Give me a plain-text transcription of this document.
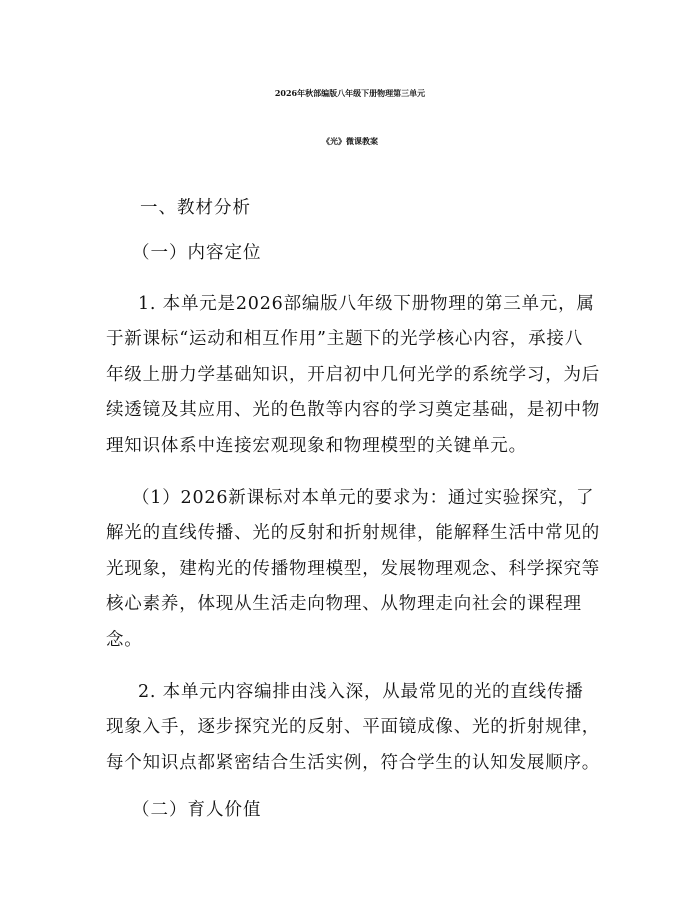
2026年秋部编版八年级下册物理第三单元
《光》微课教案
一、教材分析
（一）内容定位
1. 本单元是2026部编版八年级下册物理的第三单元，属
于新课标“运动和相互作用”主题下的光学核心内容，承接八
年级上册力学基础知识，开启初中几何光学的系统学习，为后
续透镜及其应用、光的色散等内容的学习奠定基础，是初中物
理知识体系中连接宏观现象和物理模型的关键单元。
（1）2026新课标对本单元的要求为：通过实验探究，了
解光的直线传播、光的反射和折射规律，能解释生活中常见的
光现象，建构光的传播物理模型，发展物理观念、科学探究等
核心素养，体现从生活走向物理、从物理走向社会的课程理
念。
2. 本单元内容编排由浅入深，从最常见的光的直线传播
现象入手，逐步探究光的反射、平面镜成像、光的折射规律，
每个知识点都紧密结合生活实例，符合学生的认知发展顺序。
（二）育人价值
